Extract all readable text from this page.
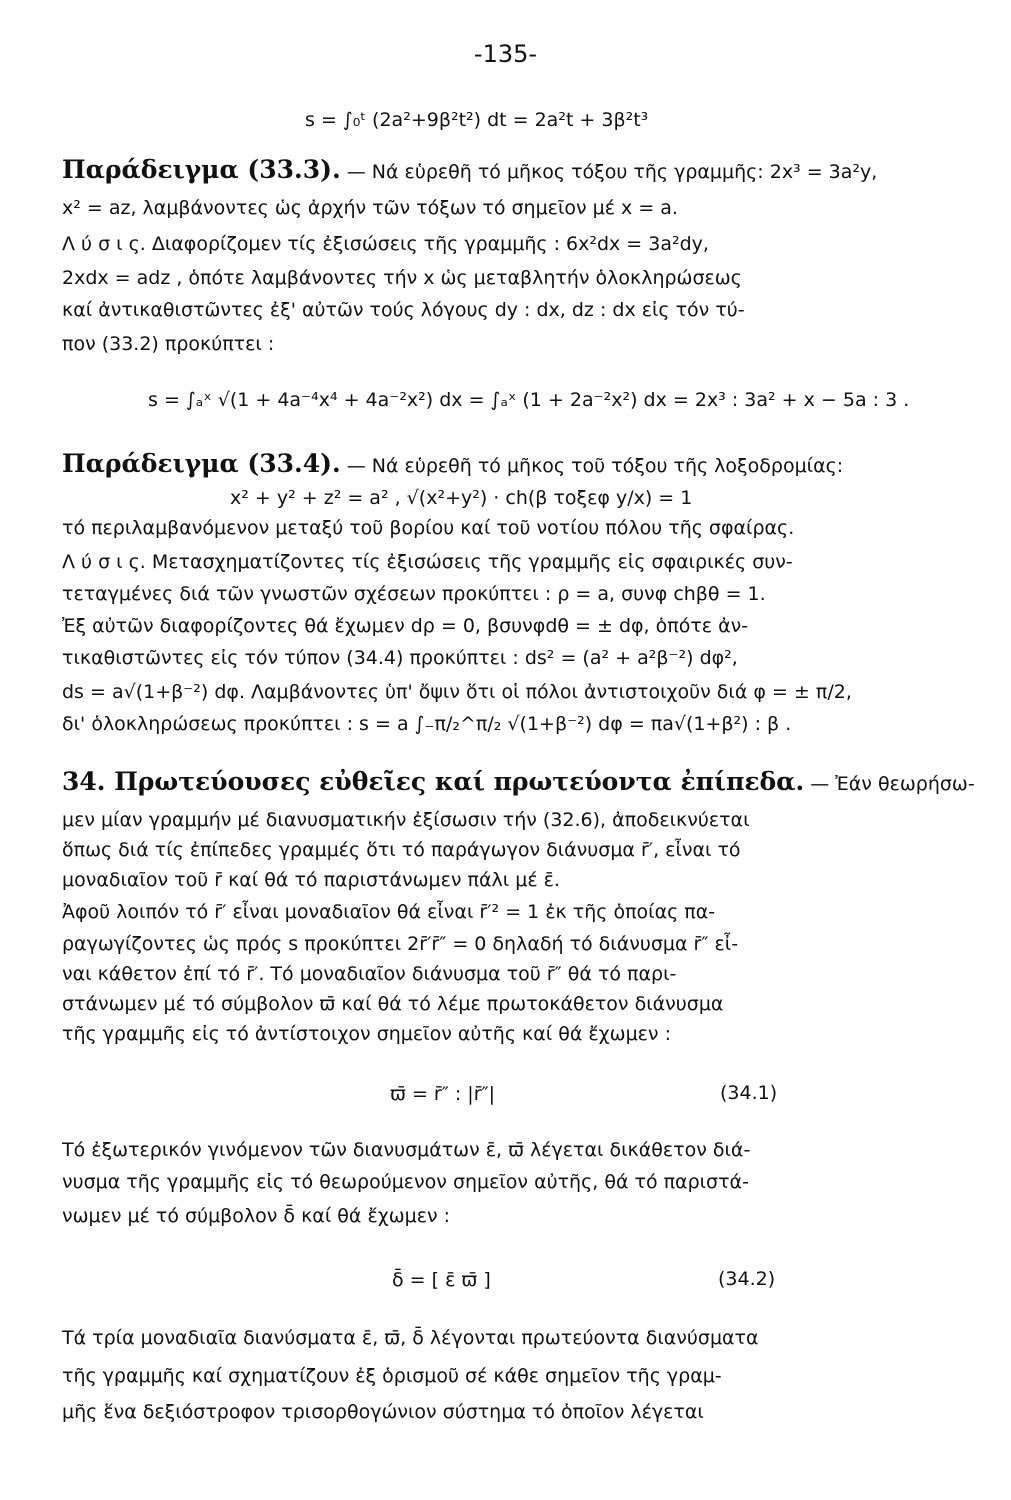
-135-
s = ∫₀ᵗ (2a²+9β²t²) dt = 2a²t + 3β²t³
Παράδειγμα (33.3). — Νά εὑρεθῆ τό μῆκος τόξου τῆς γραμμῆς: 2x³ = 3a²y,
x² = az, λαμβάνοντες ὡς ἀρχήν τῶν τόξων τό σημεῖον μέ x = a.
Λ ύ σ ι ς. Διαφορίζομεν τίς ἐξισώσεις τῆς γραμμῆς : 6x²dx = 3a²dy,
2xdx = adz , ὁπότε λαμβάνοντες τήν x ὡς μεταβλητήν ὁλοκληρώσεως
καί ἀντικαθιστῶντες ἐξ' αὐτῶν τούς λόγους dy : dx, dz : dx εἰς τόν τύ-
πον (33.2) προκύπτει :
s = ∫ₐˣ √(1 + 4a⁻⁴x⁴ + 4a⁻²x²) dx = ∫ₐˣ (1 + 2a⁻²x²) dx = 2x³ : 3a² + x − 5a : 3 .
Παράδειγμα (33.4). — Νά εὑρεθῆ τό μῆκος τοῦ τόξου τῆς λοξοδρομίας:
x² + y² + z² = a² , √(x²+y²) · ch(β τοξεφ y/x) = 1
τό περιλαμβανόμενον μεταξύ τοῦ βορίου καί τοῦ νοτίου πόλου τῆς σφαίρας.
Λ ύ σ ι ς. Μετασχηματίζοντες τίς ἐξισώσεις τῆς γραμμῆς εἰς σφαιρικές συν-
τεταγμένες διά τῶν γνωστῶν σχέσεων προκύπτει : ρ = a, συνφ chβθ = 1.
Ἐξ αὐτῶν διαφορίζοντες θά ἔχωμεν dρ = 0, βσυνφdθ = ± dφ, ὁπότε ἀν-
τικαθιστῶντες εἰς τόν τύπον (34.4) προκύπτει : ds² = (a² + a²β⁻²) dφ²,
ds = a√(1+β⁻²) dφ. Λαμβάνοντες ὑπ' ὄψιν ὅτι οἱ πόλοι ἀντιστοιχοῦν διά φ = ± π/2,
δι' ὁλοκληρώσεως προκύπτει : s = a ∫₋π/₂^π/₂ √(1+β⁻²) dφ = πa√(1+β²) : β .
34. Πρωτεύουσες εὐθεῖες καί πρωτεύοντα ἐπίπεδα. — Ἐάν θεωρήσω-
μεν μίαν γραμμήν μέ διανυσματικήν ἐξίσωσιν τήν (32.6), ἀποδεικνύεται
ὅπως διά τίς ἐπίπεδες γραμμές ὅτι τό παράγωγον διάνυσμα r̄′, εἶναι τό
μοναδιαῖον τοῦ r̄ καί θά τό παριστάνωμεν πάλι μέ ε̄.
Ἀφοῦ λοιπόν τό r̄′ εἶναι μοναδιαῖον θά εἶναι r̄′² = 1 ἐκ τῆς ὁποίας πα-
ραγωγίζοντες ὡς πρός s προκύπτει 2r̄′r̄″ = 0 δηλαδή τό διάνυσμα r̄″ εἶ-
ναι κάθετον ἐπί τό r̄′. Τό μοναδιαῖον διάνυσμα τοῦ r̄″ θά τό παρι-
στάνωμεν μέ τό σύμβολον ϖ̄ καί θά τό λέμε πρωτοκάθετον διάνυσμα
τῆς γραμμῆς εἰς τό ἀντίστοιχον σημεῖον αὐτῆς καί θά ἔχωμεν :
ϖ̄ = r̄″ : |r̄″|	(34.1)
Τό ἐξωτερικόν γινόμενον τῶν διανυσμάτων ε̄, ϖ̄ λέγεται δικάθετον διά-
νυσμα τῆς γραμμῆς εἰς τό θεωρούμενον σημεῖον αὐτῆς, θά τό παριστά-
νωμεν μέ τό σύμβολον δ̄ καί θά ἔχωμεν :
δ̄ = [ ε̄ ϖ̄ ]	(34.2)
Τά τρία μοναδιαῖα διανύσματα ε̄, ϖ̄, δ̄ λέγονται πρωτεύοντα διανύσματα
τῆς γραμμῆς καί σχηματίζουν ἐξ ὁρισμοῦ σέ κάθε σημεῖον τῆς γραμ-
μῆς ἕνα δεξιόστροφον τρισορθογώνιον σύστημα τό ὁποῖον λέγεται
